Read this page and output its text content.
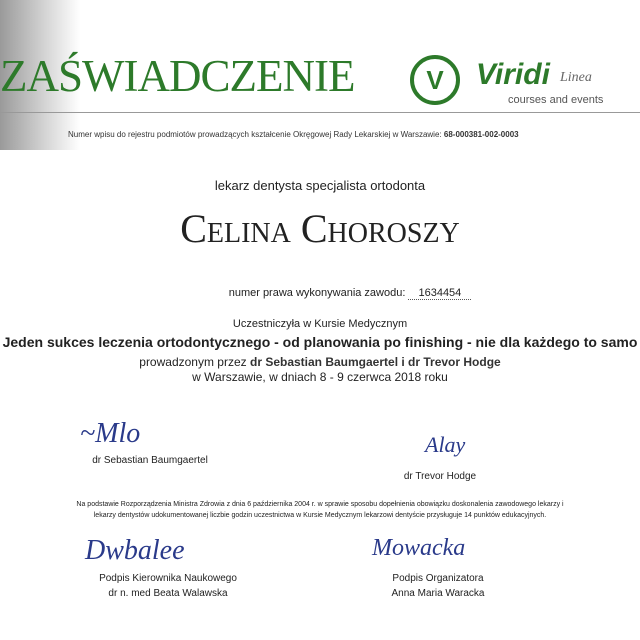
ZAŚWIADCZENIE	V	Viridi Linea
courses and events
Numer wpisu do rejestru podmiotów prowadzących kształcenie Okręgowej Rady Lekarskiej w Warszawie: 68-000381-002-0003
lekarz dentysta specjalista ortodonta
Celina Choroszy
numer prawa wykonywania zawodu: 1634454
Uczestniczyła w Kursie Medycznym
Jeden sukces leczenia ortodontycznego - od planowania po finishing - nie dla każdego to samo
prowadzonym przez dr Sebastian Baumgaertel i dr Trevor Hodge
w Warszawie, w dniach 8 - 9 czerwca 2018 roku
~Mlo
dr Sebastian Baumgaertel
Alay
dr Trevor Hodge
Na podstawie Rozporządzenia Ministra Zdrowia z dnia 6 października 2004 r. w sprawie sposobu dopełnienia obowiązku doskonalenia zawodowego lekarzy i lekarzy dentystów udokumentowanej liczbie godzin uczestnictwa w Kursie Medycznym lekarzowi dentyście przysługuje 14 punktów edukacyjnych.
Dwbalee
Podpis Kierownika Naukowego
dr n. med Beata Walawska
Mowacka
Podpis Organizatora
Anna Maria Waracka
